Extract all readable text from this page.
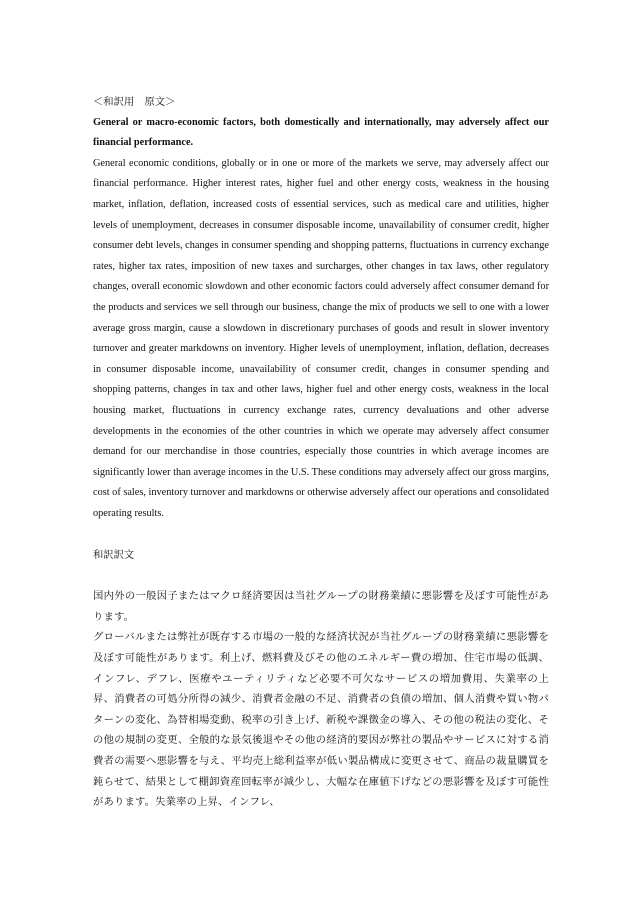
＜和訳用　原文＞

General or macro-economic factors, both domestically and internationally, may adversely affect our financial performance.

General economic conditions, globally or in one or more of the markets we serve, may adversely affect our financial performance. Higher interest rates, higher fuel and other energy costs, weakness in the housing market, inflation, deflation, increased costs of essential services, such as medical care and utilities, higher levels of unemployment, decreases in consumer disposable income, unavailability of consumer credit, higher consumer debt levels, changes in consumer spending and shopping patterns, fluctuations in currency exchange rates, higher tax rates, imposition of new taxes and surcharges, other changes in tax laws, other regulatory changes, overall economic slowdown and other economic factors could adversely affect consumer demand for the products and services we sell through our business, change the mix of products we sell to one with a lower average gross margin, cause a slowdown in discretionary purchases of goods and result in slower inventory turnover and greater markdowns on inventory. Higher levels of unemployment, inflation, deflation, decreases in consumer disposable income, unavailability of consumer credit, changes in consumer spending and shopping patterns, changes in tax and other laws, higher fuel and other energy costs, weakness in the local housing market, fluctuations in currency exchange rates, currency devaluations and other adverse developments in the economies of the other countries in which we operate may adversely affect consumer demand for our merchandise in those countries, especially those countries in which average incomes are significantly lower than average incomes in the U.S. These conditions may adversely affect our gross margins, cost of sales, inventory turnover and markdowns or otherwise adversely affect our operations and consolidated operating results.

和訳訳文

国内外の一般因子またはマクロ経済要因は当社グループの財務業績に悪影響を及ぼす可能性があります。

グローバルまたは弊社が既存する市場の一般的な経済状況が当社グループの財務業績に悪影響を及ぼす可能性があります。利上げ、燃料費及びその他のエネルギー費の増加、住宅市場の低調、インフレ、デフレ、医療やユーティリティなど必要不可欠なサービスの増加費用、失業率の上昇、消費者の可処分所得の減少、消費者金融の不足、消費者の負債の増加、個人消費や買い物パターンの変化、為替相場変動、税率の引き上げ、新税や課徴金の導入、その他の税法の変化、その他の規制の変更、全般的な景気後退やその他の経済的要因が弊社の製品やサービスに対する消費者の需要へ悪影響を与え、平均売上総利益率が低い製品構成に変更させて、商品の裁量購買を鈍らせて、結果として棚卸資産回転率が減少し、大幅な在庫値下げなどの悪影響を及ぼす可能性があります。失業率の上昇、インフレ、
